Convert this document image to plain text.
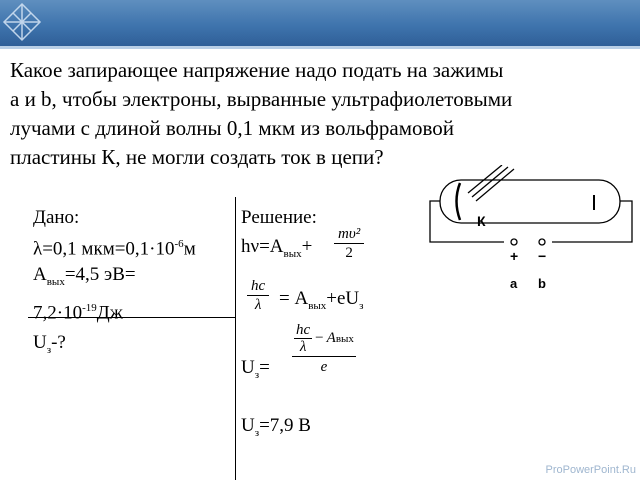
Какое запирающее напряжение надо подать на зажимы
а и b, чтобы электроны, вырванные ультрафиолетовыми
лучами с длиной волны 0,1 мкм из вольфрамовой
пластины К, не могли создать ток в цепи?
Дано:
λ=0,1 $мкм=0,1\cdot 10^{-6}м$
$А_{вых}=4,5$ эВ=
$7,2\cdot 10^{-19}Дж$
$U_з-$?
Решение:
$h\nu=А_{вых}+ \frac{\text{mυ²}}{2}$
$\frac{hc}{\lambda} = А_{вых}+eU_з$
$U_з=$
hc
λ
− A вых
e
$U_з=7,9$ В
К
+ −
a b
ProPowerPoint.Ru
